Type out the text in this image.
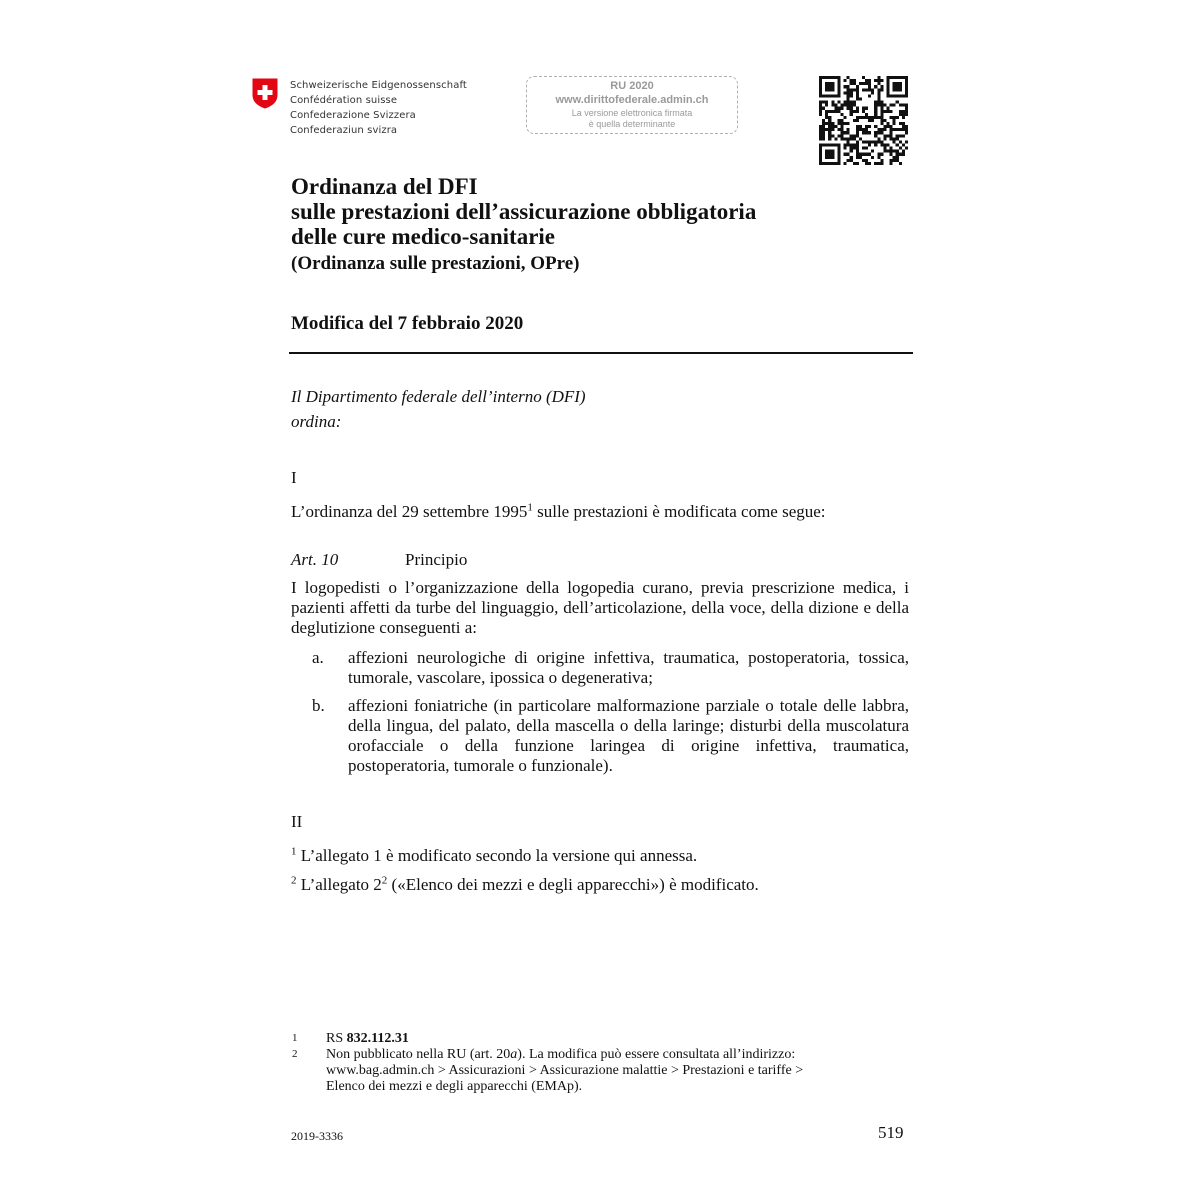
Schweizerische Eidgenossenschaft
Confédération suisse
Confederazione Svizzera
Confederaziun svizra
RU 2020
www.dirittofederale.admin.ch
La versione elettronica firmata
è quella determinante
Ordinanza del DFI
sulle prestazioni dell’assicurazione obbligatoria
delle cure medico-sanitarie
(Ordinanza sulle prestazioni, OPre)
Modifica del 7 febbraio 2020
Il Dipartimento federale dell’interno (DFI)
ordina:
I
L’ordinanza del 29 settembre 1995$^1$ sulle prestazioni è modificata come segue:
Art. 10	Principio
I logopedisti o l’organizzazione della logopedia curano, previa prescrizione medica, i pazienti affetti da turbe del linguaggio, dell’articolazione, della voce, della dizione e della deglutizione conseguenti a:
a. affezioni neurologiche di origine infettiva, traumatica, postoperatoria, tossica, tumorale, vascolare, ipossica o degenerativa;
b. affezioni foniatriche (in particolare malformazione parziale o totale delle labbra, della lingua, del palato, della mascella o della laringe; disturbi della muscolatura orofacciale o della funzione laringea di origine infettiva, traumatica, postoperatoria, tumorale o funzionale).
II
$^1$ L’allegato 1 è modificato secondo la versione qui annessa.
$^2$ L’allegato $2^2$ («Elenco dei mezzi e degli apparecchi») è modificato.
1 RS 832.112.31
2 Non pubblicato nella RU (art. 20a). La modifica può essere consultata all’indirizzo:
www.bag.admin.ch > Assicurazioni > Assicurazione malattie > Prestazioni e tariffe >
Elenco dei mezzi e degli apparecchi (EMAp).
2019-3336	519
